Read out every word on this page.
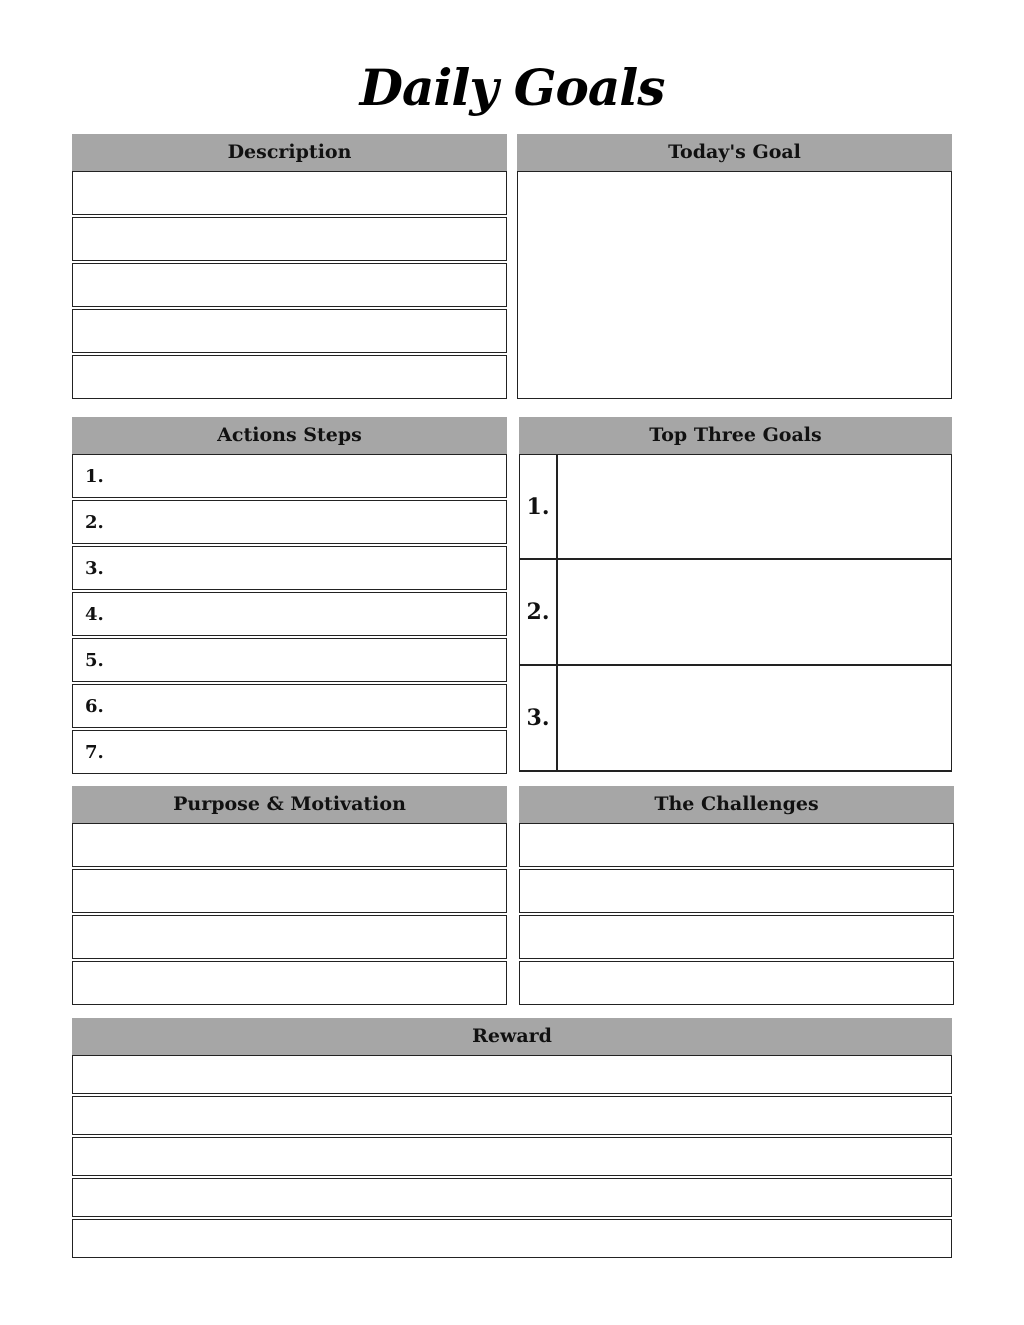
Daily Goals
Description	Today's Goal
Actions Steps
1.
2.
3.
4.
5.
6.
7.
Top Three Goals
1.
2.
3.
Purpose & Motivation	The Challenges
Reward
